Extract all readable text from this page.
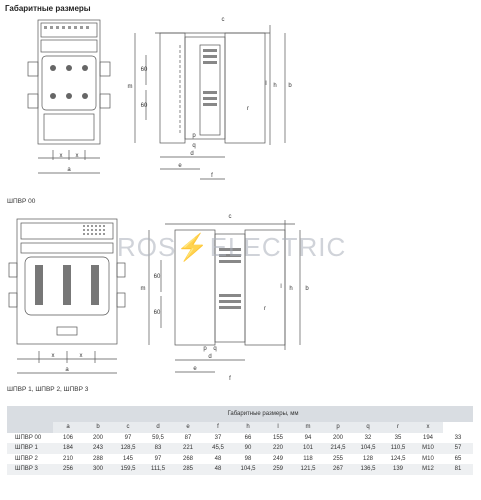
Габаритные размеры
a
x x
c
m
60
60
d
e
f
p
q
r
h b
l
ШПВР 00
a
x	x
c
m
60
60
d
e
f
p q
r
h b
l
ROS⚡ELECTRIC
ШПВР 1, ШПВР 2, ШПВР 3
	Габаритные размеры, мм													
	a	b	c	d	e	f	h	l	m	p	q	r	x	
ШПВР 00	106	200	97	59,5	87	37	66	155	94	200	32	35	194	33
ШПВР 1	184	243	128,5	83	221	45,5	90	220	101	214,5	104,5	110,5	M10	57
ШПВР 2	210	288	145	97	268	48	98	249	118	255	128	124,5	M10	65
ШПВР 3	256	300	159,5	111,5	285	48	104,5	259	121,5	267	136,5	139	M12	81
